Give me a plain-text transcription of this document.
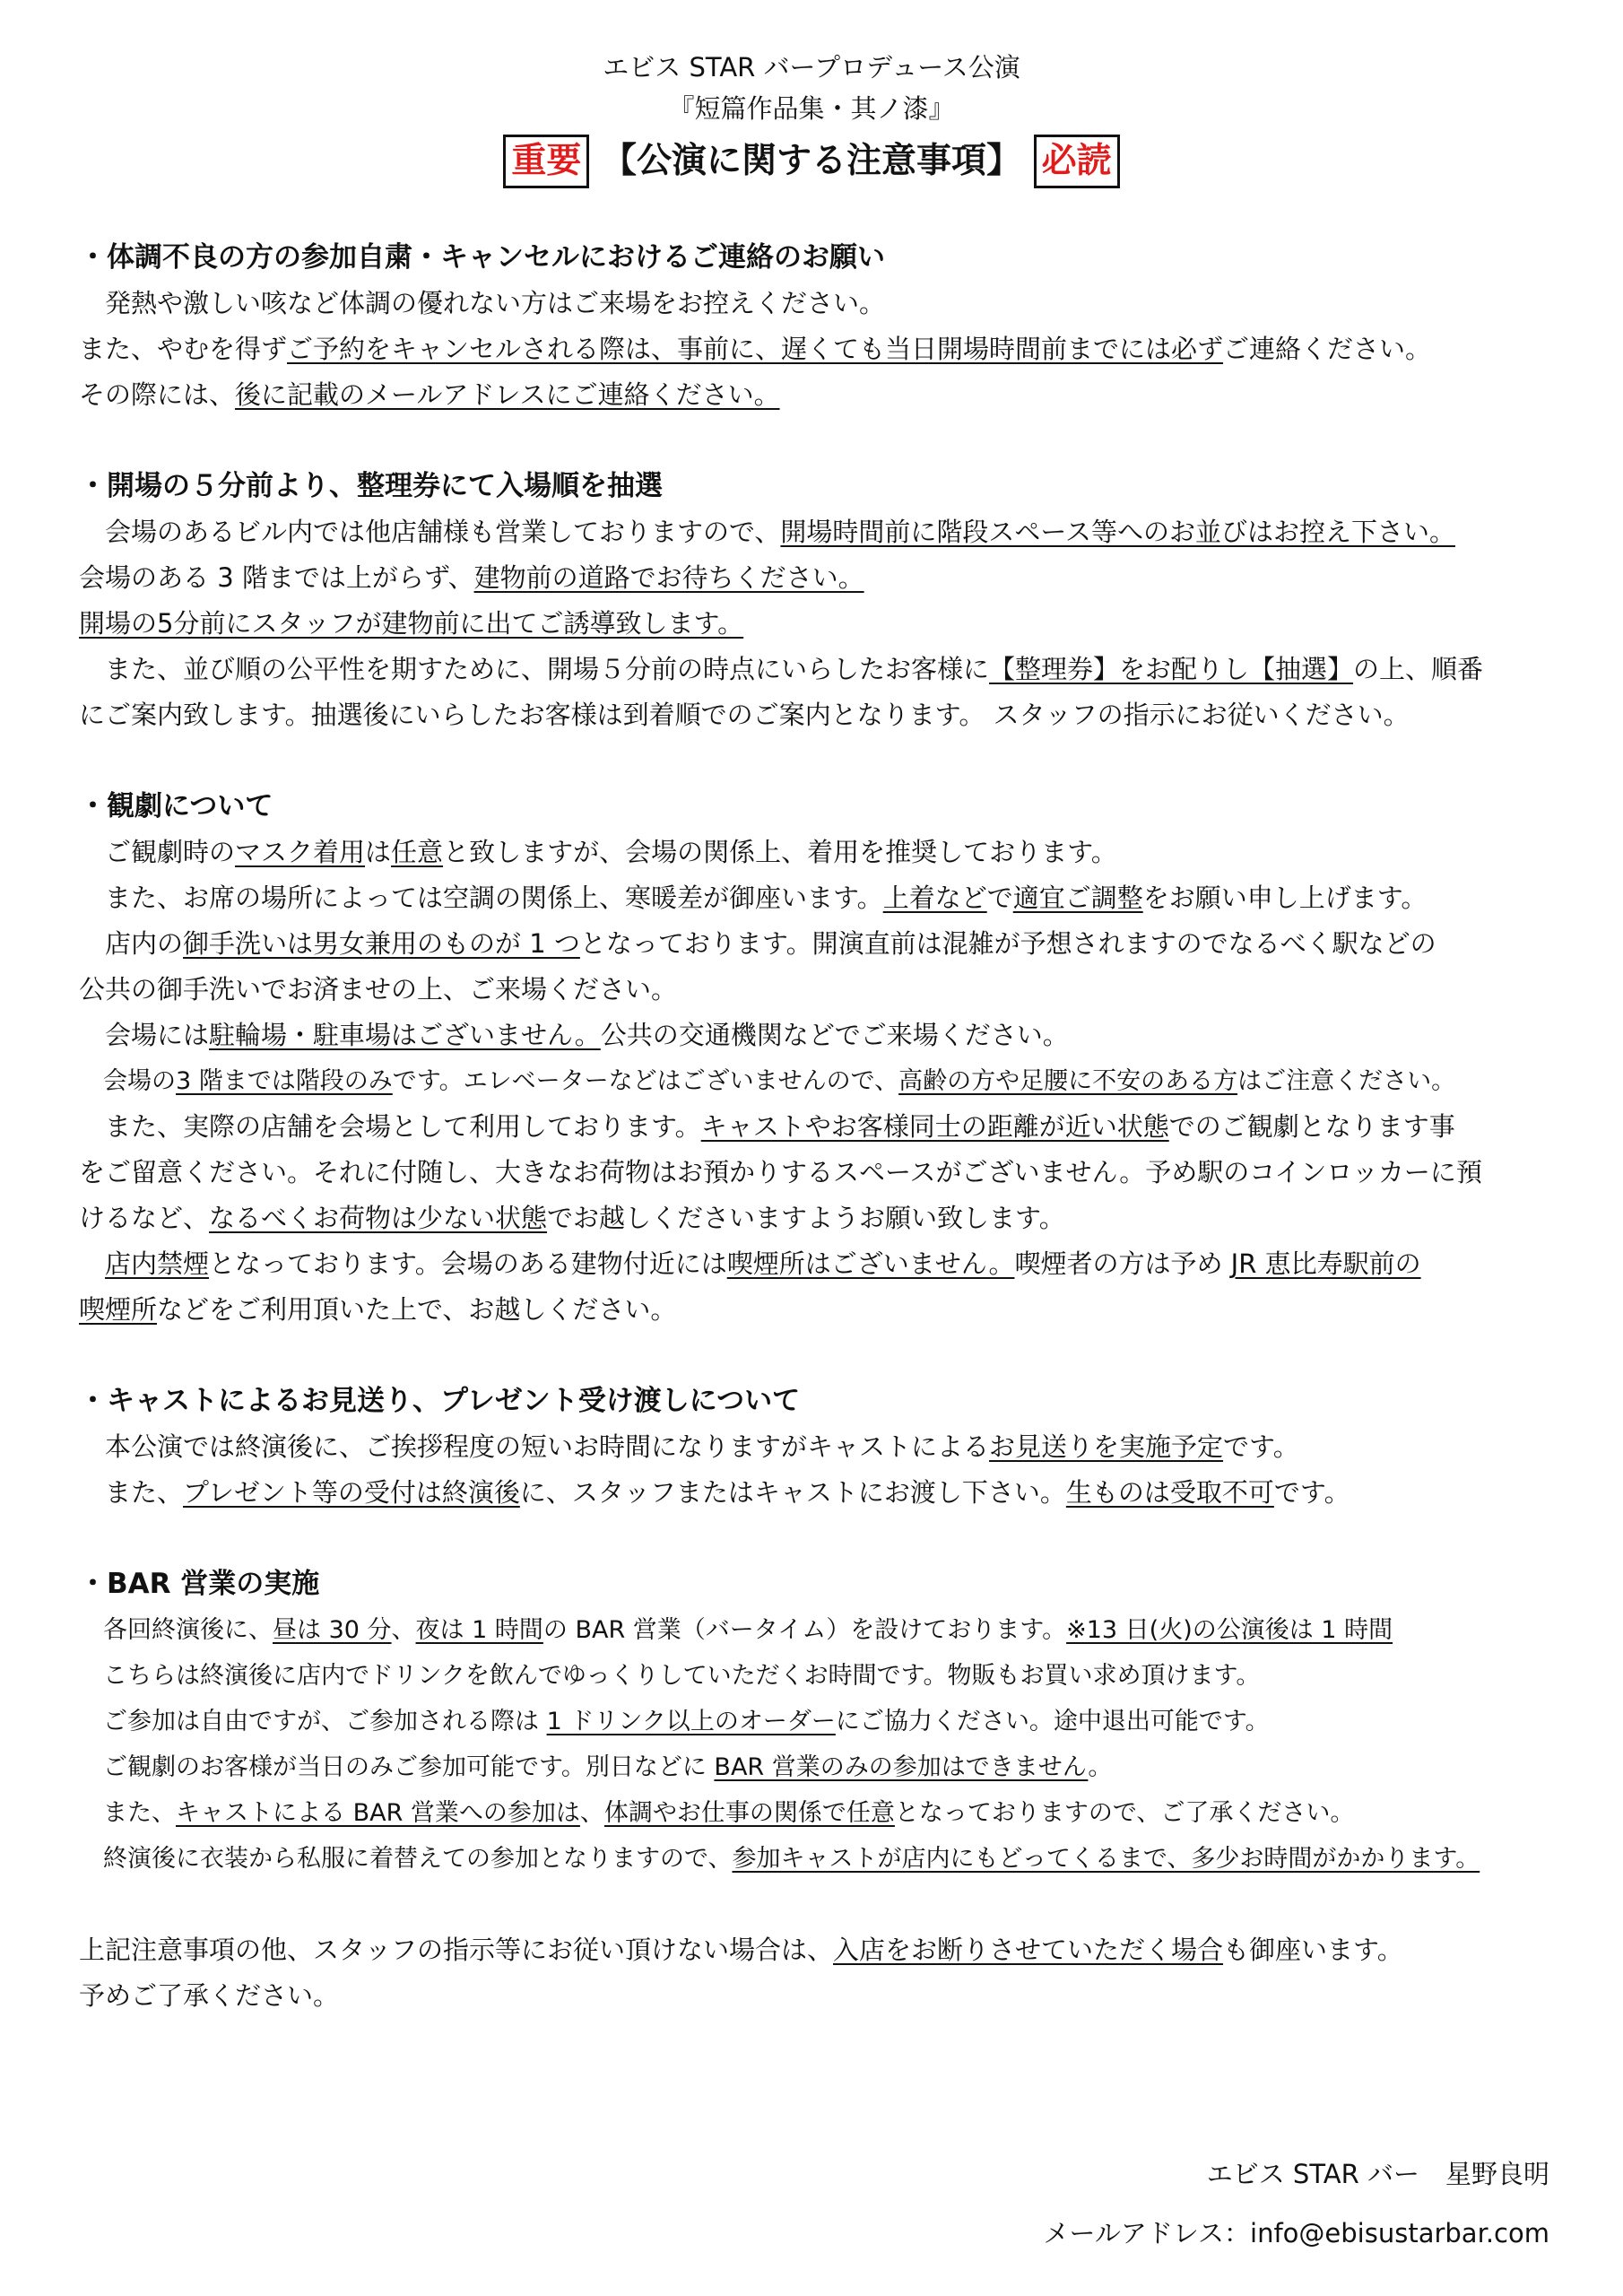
エビス STAR バープロデュース公演
『短篇作品集・其ノ漆』
重要 【公演に関する注意事項】 必読
・体調不良の方の参加自粛・キャンセルにおけるご連絡のお願い
 発熱や激しい咳など体調の優れない方はご来場をお控えください。
また、やむを得ずご予約をキャンセルされる際は、事前に、遅くても当日開場時間前までには必ずご連絡ください。
その際には、後に記載のメールアドレスにご連絡ください。
・開場の５分前より、整理券にて入場順を抽選
 会場のあるビル内では他店舗様も営業しておりますので、開場時間前に階段スペース等へのお並びはお控え下さい。
会場のある 3 階までは上がらず、建物前の道路でお待ちください。
開場の5分前にスタッフが建物前に出てご誘導致します。
 また、並び順の公平性を期すために、開場５分前の時点にいらしたお客様に【整理券】をお配りし【抽選】の上、順番
にご案内致します。抽選後にいらしたお客様は到着順でのご案内となります。 スタッフの指示にお従いください。
・観劇について
 ご観劇時のマスク着用は任意と致しますが、会場の関係上、着用を推奨しております。
 また、お席の場所によっては空調の関係上、寒暖差が御座います。上着などで適宜ご調整をお願い申し上げます。
 店内の御手洗いは男女兼用のものが 1 つとなっております。開演直前は混雑が予想されますのでなるべく駅などの
公共の御手洗いでお済ませの上、ご来場ください。
 会場には駐輪場・駐車場はございません。公共の交通機関などでご来場ください。
 会場の3 階までは階段のみです。エレベーターなどはございませんので、高齢の方や足腰に不安のある方はご注意ください。
 また、実際の店舗を会場として利用しております。キャストやお客様同士の距離が近い状態でのご観劇となります事
をご留意ください。それに付随し、大きなお荷物はお預かりするスペースがございません。予め駅のコインロッカーに預
けるなど、なるべくお荷物は少ない状態でお越しくださいますようお願い致します。
 店内禁煙となっております。会場のある建物付近には喫煙所はございません。喫煙者の方は予め JR 恵比寿駅前の
喫煙所などをご利用頂いた上で、お越しください。
・キャストによるお見送り、プレゼント受け渡しについて
 本公演では終演後に、ご挨拶程度の短いお時間になりますがキャストによるお見送りを実施予定です。
 また、プレゼント等の受付は終演後に、スタッフまたはキャストにお渡し下さい。生ものは受取不可です。
・BAR 営業の実施
 各回終演後に、昼は 30 分、夜は 1 時間の BAR 営業（バータイム）を設けております。※13 日(火)の公演後は 1 時間
 こちらは終演後に店内でドリンクを飲んでゆっくりしていただくお時間です。物販もお買い求め頂けます。
 ご参加は自由ですが、ご参加される際は 1 ドリンク以上のオーダーにご協力ください。途中退出可能です。
 ご観劇のお客様が当日のみご参加可能です。別日などに BAR 営業のみの参加はできません。
 また、キャストによる BAR 営業への参加は、体調やお仕事の関係で任意となっておりますので、ご了承ください。
 終演後に衣装から私服に着替えての参加となりますので、参加キャストが店内にもどってくるまで、多少お時間がかかります。
上記注意事項の他、スタッフの指示等にお従い頂けない場合は、入店をお断りさせていただく場合も御座います。
予めご了承ください。
エビス STAR バー　星野良明
メールアドレス：info@ebisustarbar.com
